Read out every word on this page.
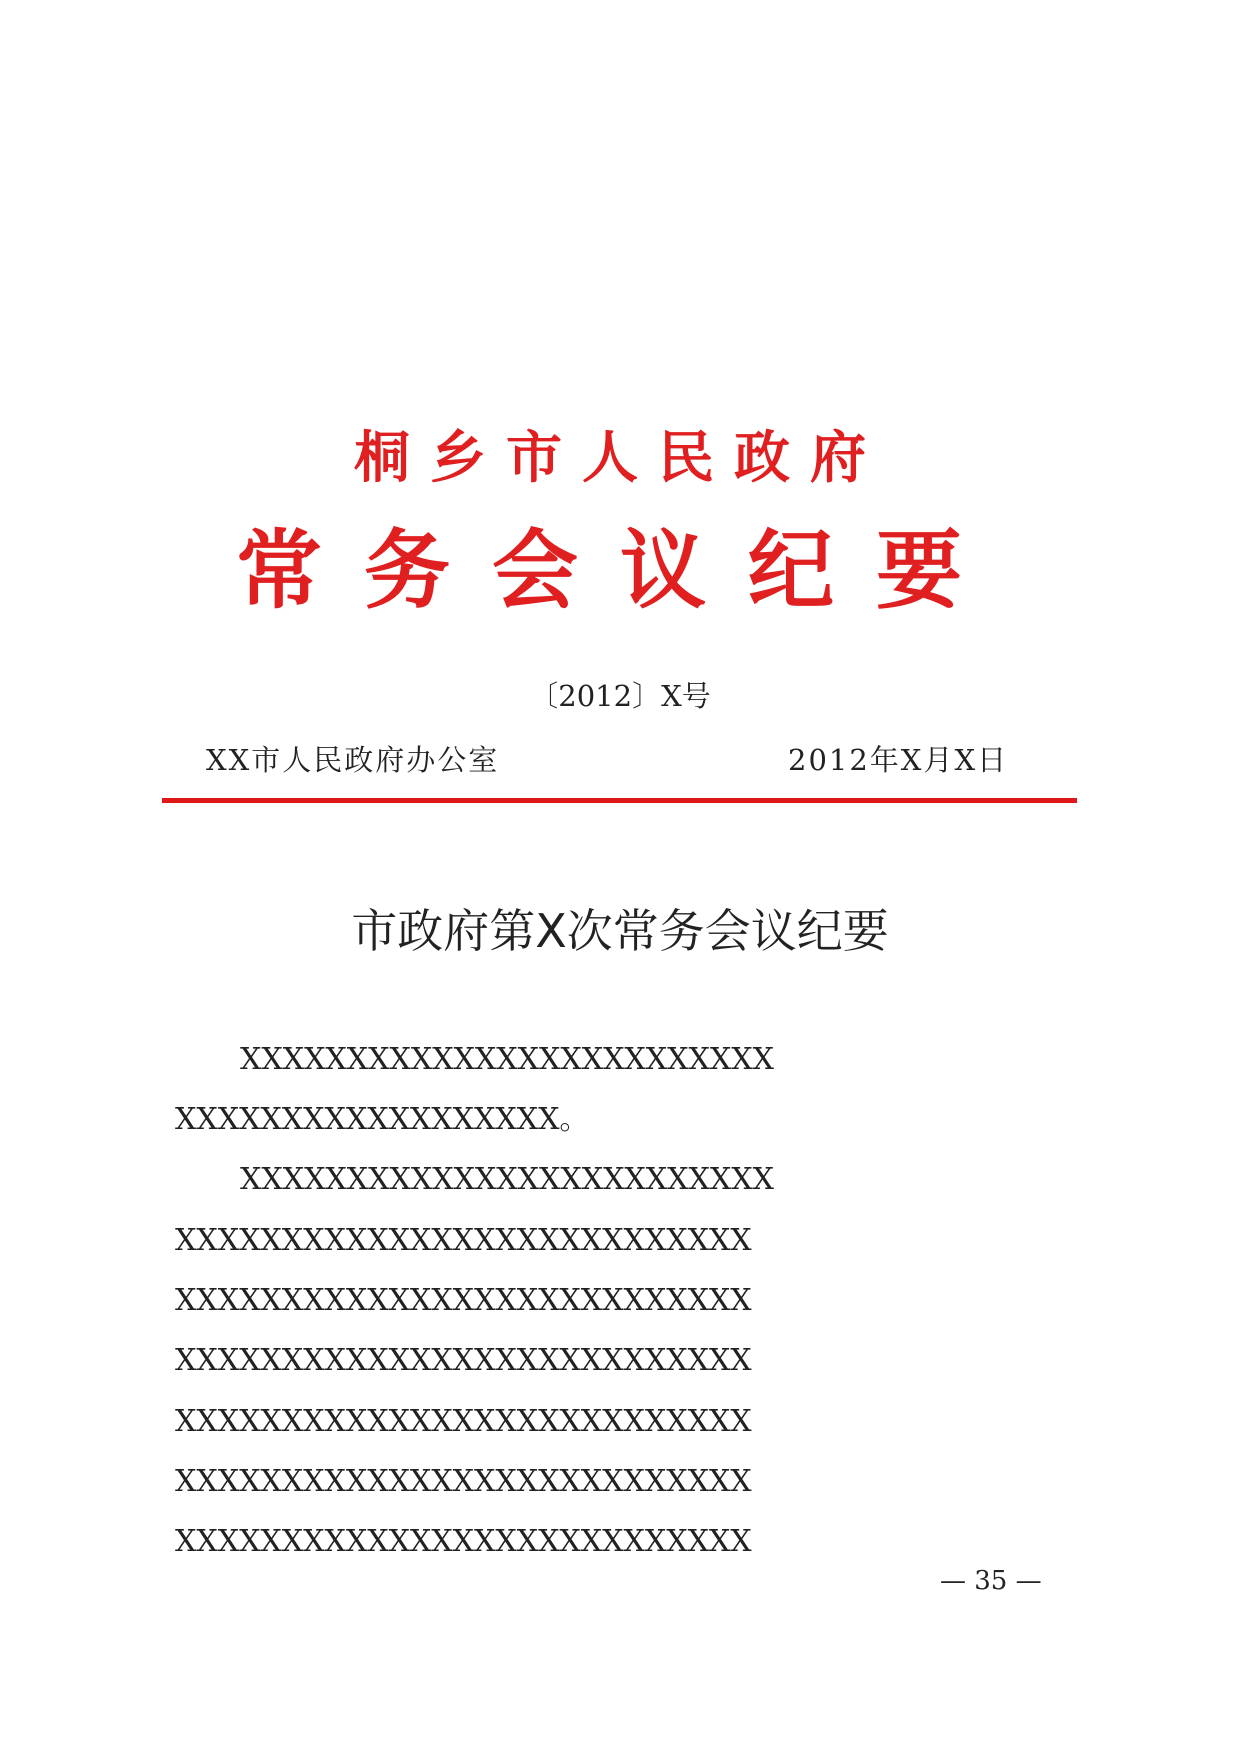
桐乡市人民政府
常务会议纪要
〔2012〕X号
XX市人民政府办公室	2012年X月X日
市政府第X次常务会议纪要
XXXXXXXXXXXXXXXXXXXXXXXXX
XXXXXXXXXXXXXXXXXX。
XXXXXXXXXXXXXXXXXXXXXXXXX
XXXXXXXXXXXXXXXXXXXXXXXXXXX
XXXXXXXXXXXXXXXXXXXXXXXXXXX
XXXXXXXXXXXXXXXXXXXXXXXXXXX
XXXXXXXXXXXXXXXXXXXXXXXXXXX
XXXXXXXXXXXXXXXXXXXXXXXXXXX
XXXXXXXXXXXXXXXXXXXXXXXXXXX
— 35 —
